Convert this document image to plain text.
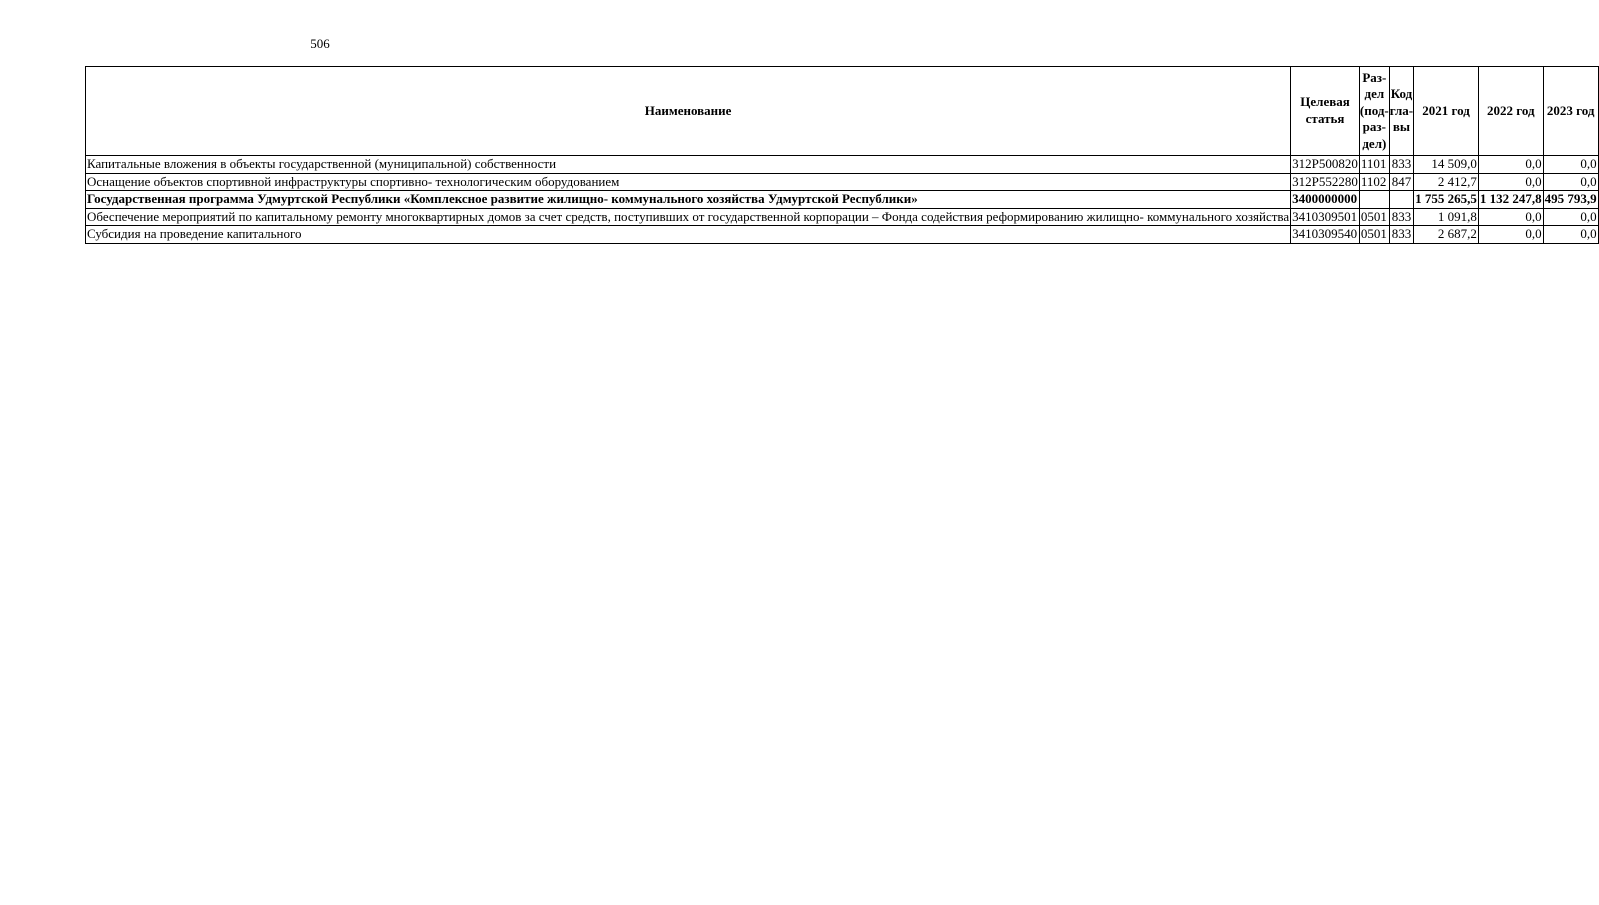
506
Наименование	Целевая статья	Раз-дел (под-раз-дел)	Код гла-вы	2021 год	2022 год	2023 год
Капитальные вложения в объекты государственной (муниципальной) собственности	312P500820	1101	833	14 509,0	0,0	0,0
Оснащение объектов спортивной инфраструктуры спортивно- технологическим оборудованием	312P552280	1102	847	2 412,7	0,0	0,0
Государственная программа Удмуртской Республики «Комплексное развитие жилищно- коммунального хозяйства Удмуртской Республики»	3400000000			1 755 265,5	1 132 247,8	495 793,9
Обеспечение мероприятий по капитальному ремонту многоквартирных домов за счет средств, поступивших от государственной корпорации – Фонда содействия реформированию жилищно- коммунального хозяйства	3410309501	0501	833	1 091,8	0,0	0,0
Субсидия на проведение капитального	3410309540	0501	833	2 687,2	0,0	0,0
